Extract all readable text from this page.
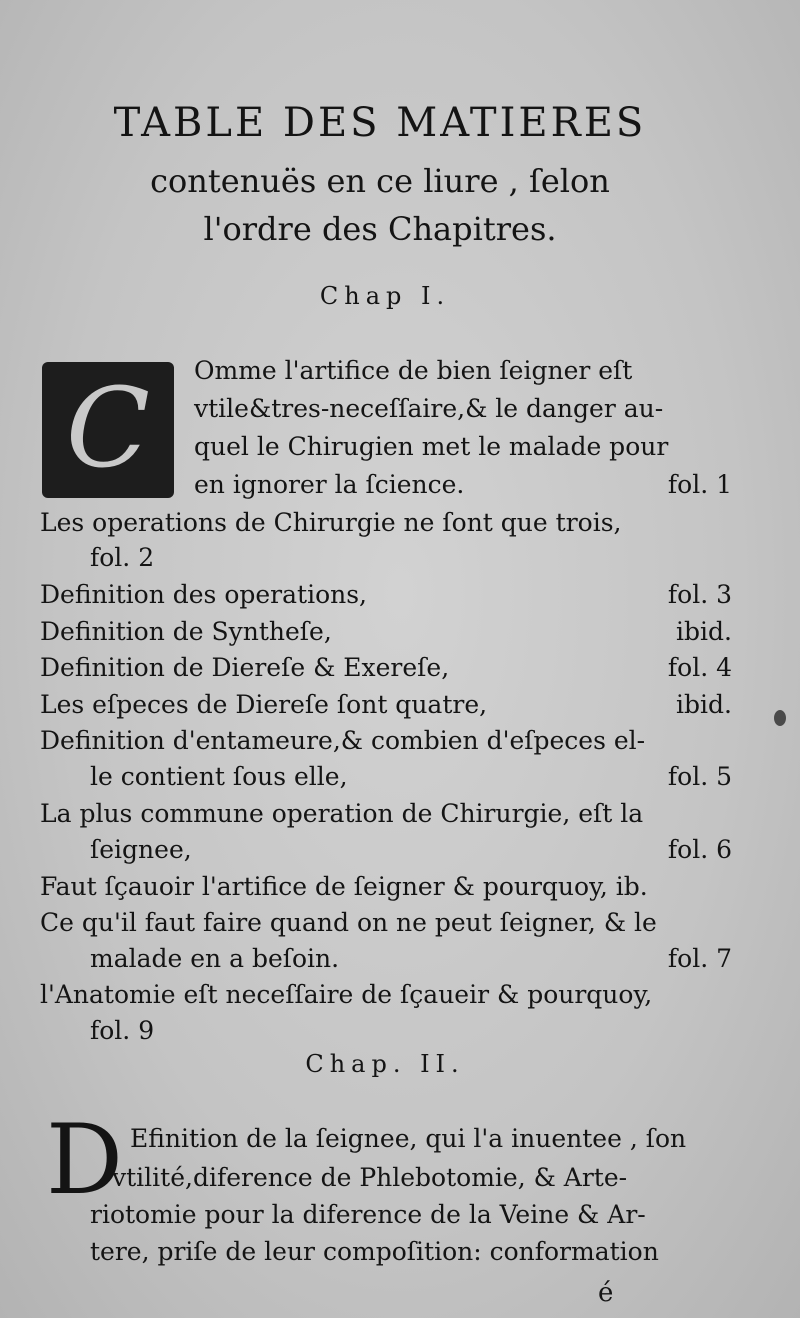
TABLE DES MATIERES
contenuës en ce liure , ſelon
l'ordre des Chapitres.
Chap I.
C	Omme l'artifice de bien ſeigner eſt
vtile&tres-neceſſaire,& le danger au-
quel le Chirugien met le malade pour
en ignorer la ſcience.	fol. 1
Les operations de Chirurgie ne ſont que trois,
fol. 2
Definition des operations,	fol. 3
Definition de Syntheſe,	ibid.
Definition de Diereſe & Exereſe,	fol. 4
Les eſpeces de Diereſe ſont quatre,	ibid.
Definition d'entameure,& combien d'eſpeces el-
le contient ſous elle,	fol. 5
La plus commune operation de Chirurgie, eſt la
ſeignee,	fol. 6
Faut ſçauoir l'artifice de ſeigner & pourquoy, ib.
Ce qu'il faut faire quand on ne peut ſeigner, & le
malade en a beſoin.	fol. 7
l'Anatomie eſt neceſſaire de ſçaueir & pourquoy,
fol. 9
Chap. II.
D Efinition de la ſeignee, qui l'a inuentee , ſon
vtilité,diference de Phlebotomie, & Arte-
riotomie pour la diference de la Veine & Ar-
tere, priſe de leur compoſition: conformation
é
